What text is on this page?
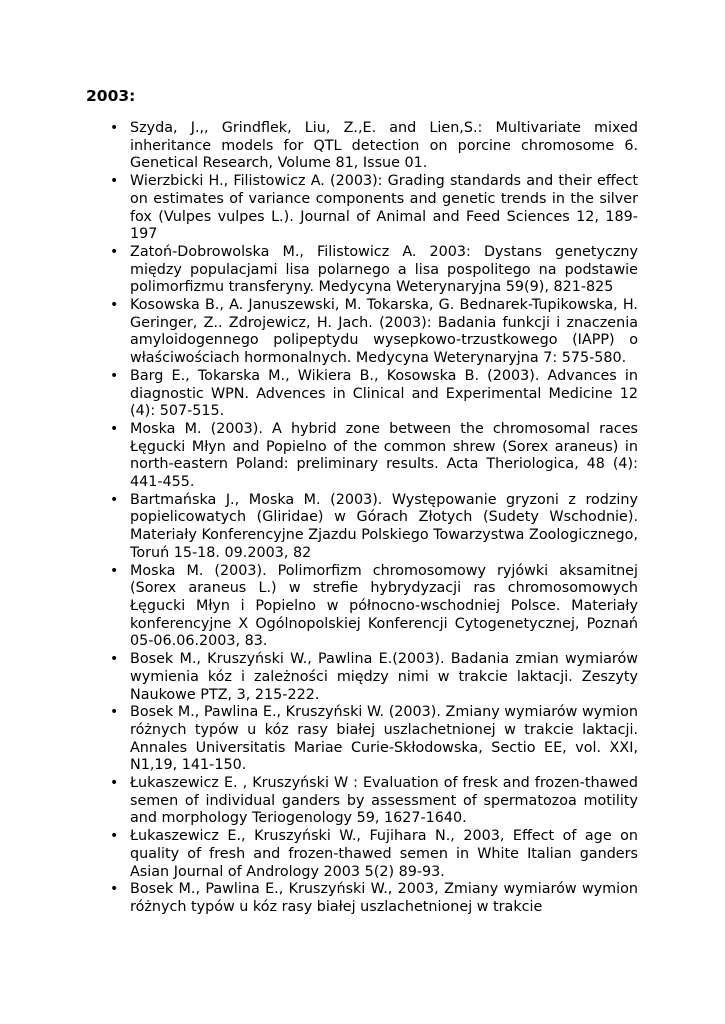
2003:
• Szyda, J.,, Grindflek, Liu, Z.,E. and Lien,S.: Multivariate mixed inheritance models for QTL detection on porcine chromosome 6. Genetical Research, Volume 81, Issue 01.
• Wierzbicki H., Filistowicz A. (2003): Grading standards and their effect on estimates of variance components and genetic trends in the silver fox (Vulpes vulpes L.). Journal of Animal and Feed Sciences 12, 189-197
• Zatoń-Dobrowolska M., Filistowicz A. 2003: Dystans genetyczny między populacjami lisa polarnego a lisa pospolitego na podstawie polimorfizmu transferyny. Medycyna Weterynaryjna 59(9), 821-825
• Kosowska B., A. Januszewski, M. Tokarska, G. Bednarek-Tupikowska, H. Geringer, Z.. Zdrojewicz, H. Jach. (2003): Badania funkcji i znaczenia amyloidogennego polipeptydu wysepkowo-trzustkowego (IAPP) o właściwościach hormonalnych. Medycyna Weterynaryjna 7: 575-580.
• Barg E., Tokarska M., Wikiera B., Kosowska B. (2003). Advances in diagnostic WPN. Advences in Clinical and Experimental Medicine 12 (4): 507-515.
• Moska M. (2003). A hybrid zone between the chromosomal races Łęgucki Młyn and Popielno of the common shrew (Sorex araneus) in north-eastern Poland: preliminary results. Acta Theriologica, 48 (4): 441-455.
• Bartmańska J., Moska M. (2003). Występowanie gryzoni z rodziny popielicowatych (Gliridae) w Górach Złotych (Sudety Wschodnie). Materiały Konferencyjne Zjazdu Polskiego Towarzystwa Zoologicznego, Toruń 15-18. 09.2003, 82
• Moska M. (2003). Polimorfizm chromosomowy ryjówki aksamitnej (Sorex araneus L.) w strefie hybrydyzacji ras chromosomowych Łęgucki Młyn i Popielno w północno-wschodniej Polsce. Materiały konferencyjne X Ogólnopolskiej Konferencji Cytogenetycznej, Poznań 05-06.06.2003, 83.
• Bosek M., Kruszyński W., Pawlina E.(2003). Badania zmian wymiarów wymienia kóz i zależności między nimi w trakcie laktacji. Zeszyty Naukowe PTZ, 3, 215-222.
• Bosek M., Pawlina E., Kruszyński W. (2003). Zmiany wymiarów wymion różnych typów u kóz rasy białej uszlachetnionej w trakcie laktacji. Annales Universitatis Mariae Curie-Skłodowska, Sectio EE, vol. XXI, N1,19, 141-150.
• Łukaszewicz E. , Kruszyński W : Evaluation of fresk and frozen-thawed semen of individual ganders by assessment of spermatozoa motility and morphology Teriogenology 59, 1627-1640.
• Łukaszewicz E., Kruszyński W., Fujihara N., 2003, Effect of age on quality of fresh and frozen-thawed semen in White Italian ganders Asian Journal of Andrology 2003 5(2) 89-93.
• Bosek M., Pawlina E., Kruszyński W., 2003, Zmiany wymiarów wymion różnych typów u kóz rasy białej uszlachetnionej w trakcie
